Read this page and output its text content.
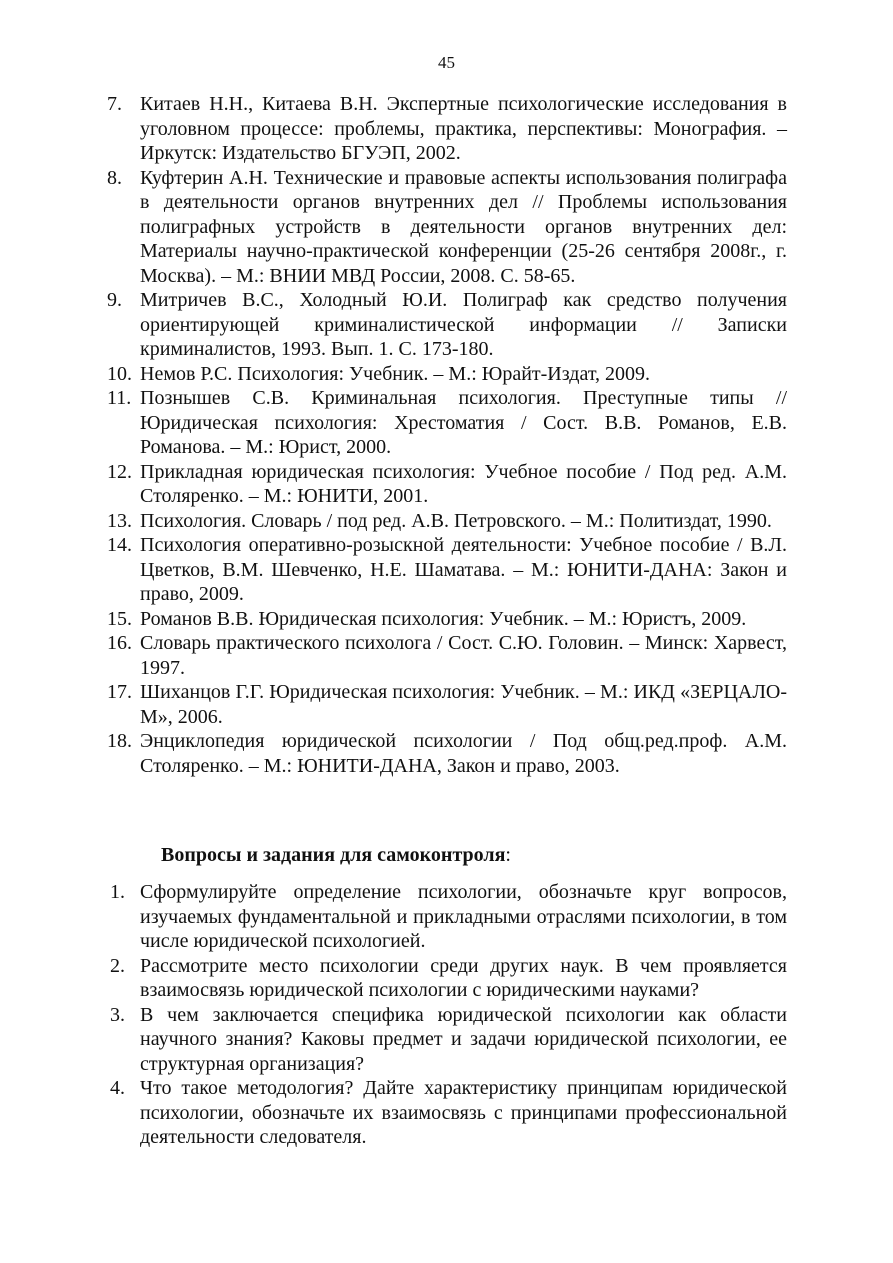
45
7. Китаев Н.Н., Китаева В.Н. Экспертные психологические исследования в уголовном процессе: проблемы, практика, перспективы: Монография. – Иркутск: Издательство БГУЭП, 2002.
8. Куфтерин А.Н. Технические и правовые аспекты использования полиграфа в деятельности органов внутренних дел // Проблемы использования полиграфных устройств в деятельности органов внутренних дел: Материалы научно-практической конференции (25-26 сентября 2008г., г. Москва). – М.: ВНИИ МВД России, 2008. С. 58-65.
9. Митричев В.С., Холодный Ю.И. Полиграф как средство получения ориентирующей криминалистической информации // Записки криминалистов, 1993. Вып. 1. С. 173-180.
10. Немов Р.С. Психология: Учебник. – М.: Юрайт-Издат, 2009.
11. Познышев С.В. Криминальная психология. Преступные типы // Юридическая психология: Хрестоматия / Сост. В.В. Романов, Е.В. Романова. – М.: Юрист, 2000.
12. Прикладная юридическая психология: Учебное пособие / Под ред. А.М. Столяренко. – М.: ЮНИТИ, 2001.
13. Психология. Словарь / под ред. А.В. Петровского. – М.: Политиздат, 1990.
14. Психология оперативно-розыскной деятельности: Учебное пособие / В.Л. Цветков, В.М. Шевченко, Н.Е. Шаматава. – М.: ЮНИТИ-ДАНА: Закон и право, 2009.
15. Романов В.В. Юридическая психология: Учебник. – М.: Юристъ, 2009.
16. Словарь практического психолога / Сост. С.Ю. Головин. – Минск: Харвест, 1997.
17. Шиханцов Г.Г. Юридическая психология: Учебник. – М.: ИКД «ЗЕРЦАЛО-М», 2006.
18. Энциклопедия юридической психологии / Под общ.ред.проф. А.М. Столяренко. – М.: ЮНИТИ-ДАНА, Закон и право, 2003.
Вопросы и задания для самоконтроля:
1. Сформулируйте определение психологии, обозначьте круг вопросов, изучаемых фундаментальной и прикладными отраслями психологии, в том числе юридической психологией.
2. Рассмотрите место психологии среди других наук. В чем проявляется взаимосвязь юридической психологии с юридическими науками?
3. В чем заключается специфика юридической психологии как области научного знания? Каковы предмет и задачи юридической психологии, ее структурная организация?
4. Что такое методология? Дайте характеристику принципам юридической психологии, обозначьте их взаимосвязь с принципами профессиональной деятельности следователя.
